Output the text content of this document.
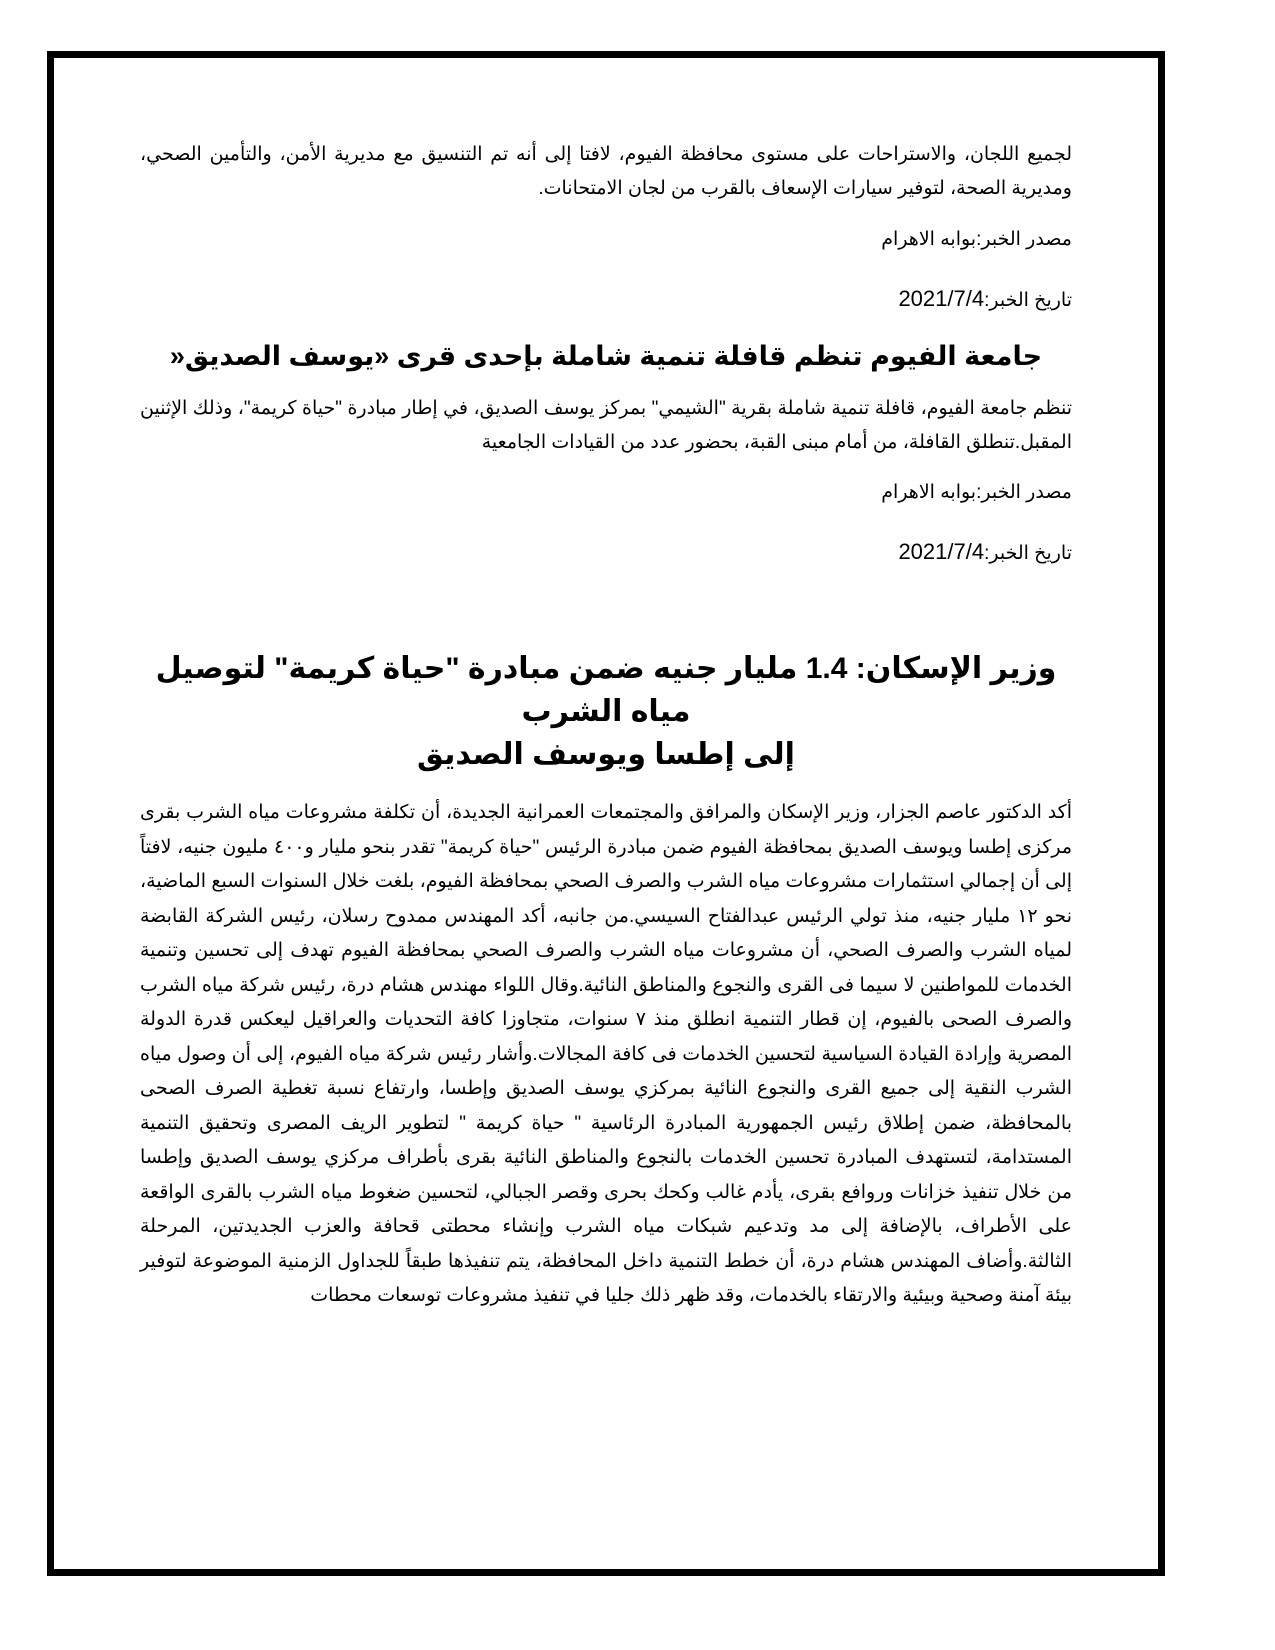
لجميع اللجان، والاستراحات على مستوى محافظة الفيوم، لافتا إلى أنه تم التنسيق مع مديرية الأمن، والتأمين الصحي، ومديرية الصحة، لتوفير سيارات الإسعاف بالقرب من لجان الامتحانات.

مصدر الخبر:بوابه الاهرام

تاريخ الخبر:2021/7/4

جامعة الفيوم تنظم قافلة تنمية شاملة بإحدى قرى «يوسف الصديق«

تنظم جامعة الفيوم، قافلة تنمية شاملة بقرية "الشيمي" بمركز يوسف الصديق، في إطار مبادرة "حياة كريمة"، وذلك الإثنين المقبل.تنطلق القافلة، من أمام مبنى القبة، بحضور عدد من القيادات الجامعية

مصدر الخبر:بوابه الاهرام

تاريخ الخبر:2021/7/4

وزير الإسكان: 1.4 مليار جنيه ضمن مبادرة "حياة كريمة" لتوصيل مياه الشرب
إلى إطسا ويوسف الصديق

أكد الدكتور عاصم الجزار، وزير الإسكان والمرافق والمجتمعات العمرانية الجديدة، أن تكلفة مشروعات مياه الشرب بقرى مركزى إطسا ويوسف الصديق بمحافظة الفيوم ضمن مبادرة الرئيس "حياة كريمة" تقدر بنحو مليار و٤٠٠ مليون جنيه، لافتاً إلى أن إجمالي استثمارات مشروعات مياه الشرب والصرف الصحي بمحافظة الفيوم، بلغت خلال السنوات السبع الماضية، نحو ١٢ مليار جنيه، منذ تولي الرئيس عبدالفتاح السيسي.من جانبه، أكد المهندس ممدوح رسلان، رئيس الشركة القابضة لمياه الشرب والصرف الصحي، أن مشروعات مياه الشرب والصرف الصحي بمحافظة الفيوم تهدف إلى تحسين وتنمية الخدمات للمواطنين لا سيما فى القرى والنجوع والمناطق النائية.وقال اللواء مهندس هشام درة، رئيس شركة مياه الشرب والصرف الصحى بالفيوم، إن قطار التنمية انطلق منذ ٧ سنوات، متجاوزا كافة التحديات والعراقيل ليعكس قدرة الدولة المصرية وإرادة القيادة السياسية لتحسين الخدمات فى كافة المجالات.وأشار رئيس شركة مياه الفيوم، إلى أن وصول مياه الشرب النقية إلى جميع القرى والنجوع النائية بمركزي يوسف الصديق وإطسا، وارتفاع نسبة تغطية الصرف الصحى بالمحافظة، ضمن إطلاق رئيس الجمهورية المبادرة الرئاسية " حياة كريمة " لتطوير الريف المصرى وتحقيق التنمية المستدامة، لتستهدف المبادرة تحسين الخدمات بالنجوع والمناطق النائية بقرى بأطراف مركزي يوسف الصديق وإطسا من خلال تنفيذ خزانات وروافع بقرى، يأدم غالب وكحك بحرى وقصر الجبالي، لتحسين ضغوط مياه الشرب بالقرى الواقعة على الأطراف، بالإضافة إلى مد وتدعيم شبكات مياه الشرب وإنشاء محطتى قحافة والعزب الجديدتين، المرحلة الثالثة.وأضاف المهندس هشام درة، أن خطط التنمية داخل المحافظة، يتم تنفيذها طبقاً للجداول الزمنية الموضوعة لتوفير بيئة آمنة وصحية وبيئية والارتقاء بالخدمات، وقد ظهر ذلك جليا في تنفيذ مشروعات توسعات محطات
